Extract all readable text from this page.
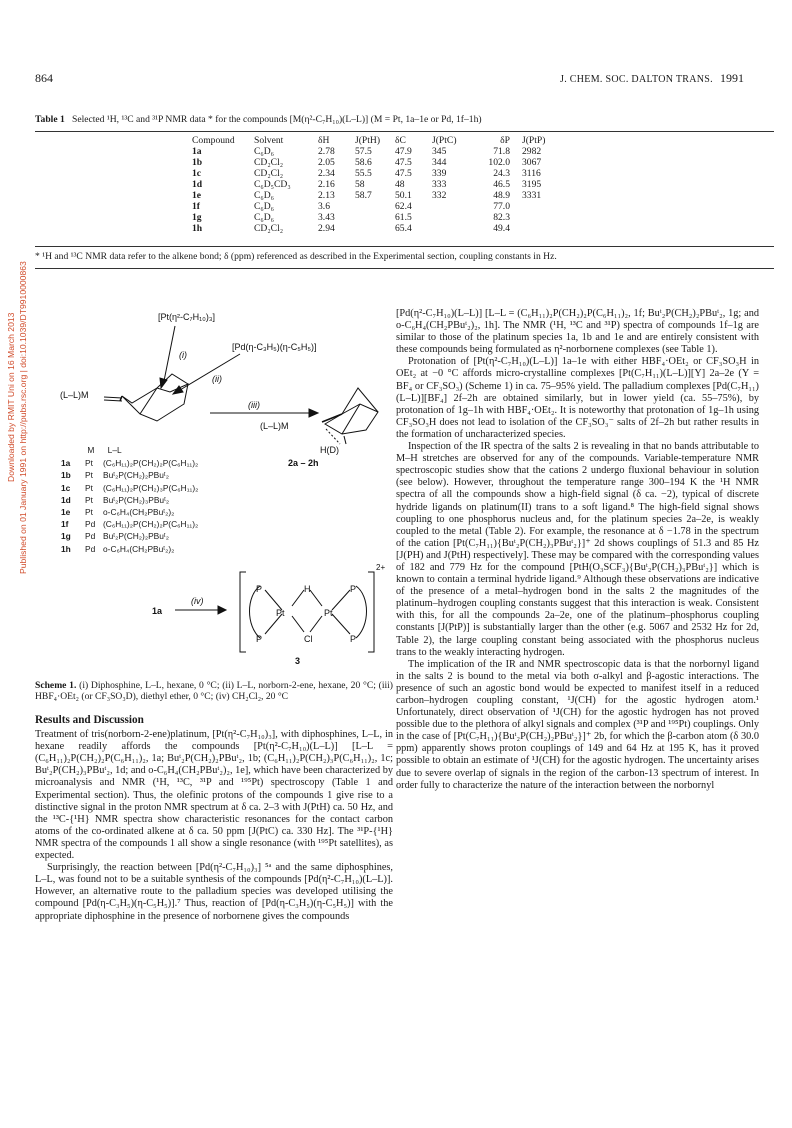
864	J. CHEM. SOC. DALTON TRANS. 1991
Table 1 Selected ¹H, ¹³C and ³¹P NMR data * for the compounds [M(η²-C₇H₁₀)(L–L)] (M = Pt, 1a–1e or Pd, 1f–1h)
Compound	Solvent	δH	J(PtH)	δC	J(PtC)	δP	J(PtP)
1a	C₆D₆	2.78	57.5	47.9	345	71.8	2982
1b	CD₂Cl₂	2.05	58.6	47.5	344	102.0	3067
1c	CD₂Cl₂	2.34	55.5	47.5	339	24.3	3116
1d	C₆D₅CD₃	2.16	58	48	333	46.5	3195
1e	C₆D₆	2.13	58.7	50.1	332	48.9	3331
1f	C₆D₆	3.6		62.4		77.0	
1g	C₆D₆	3.43		61.5		82.3	
1h	CD₂Cl₂	2.94		65.4		49.4	
* ¹H and ¹³C NMR data refer to the alkene bond; δ (ppm) referenced as described in the Experimental section, coupling constants in Hz.
Downloaded by RMIT Uni on 16 March 2013 Published on 01 January 1991 on http://pubs.rsc.org | doi:10.1039/DT9910000863	[Pt(η²-C₇H₁₀)₃]
[Pd(η-C₃H₅)(η-C₅H₅)]
(i)
(ii)
(iii)
(L–L)M
(L–L)M
H(D)
2a – 2h
1a
(iv)
2+
3
P
P
Pt
H
Cl
Pt
P
P
M L–L
1a Pt (C₆H₁₁)₂P(CH₂)₂P(C₆H₁₁)₂
1b Pt Buᵗ₂P(CH₂)₂PBuᵗ₂
1c Pt (C₆H₁₁)₂P(CH₂)₃P(C₆H₁₁)₂
1d Pt Buᵗ₂P(CH₂)₃PBuᵗ₂
1e Pt o-C₆H₄(CH₂PBuᵗ₂)₂
1f Pd (C₆H₁₁)₂P(CH₂)₂P(C₆H₁₁)₂
1g Pd Buᵗ₂P(CH₂)₂PBuᵗ₂
1h Pd o-C₆H₄(CH₂PBuᵗ₂)₂
Scheme 1. (i) Diphosphine, L–L, hexane, 0 °C; (ii) L–L, norborn-2-ene, hexane, 20 °C; (iii) HBF₄·OEt₂ (or CF₃SO₃D), diethyl ether, 0 °C; (iv) CH₂Cl₂, 20 °C
Results and Discussion

Treatment of tris(norborn-2-ene)platinum, [Pt(η²-C₇H₁₀)₃], with diphosphines, L–L, in hexane readily affords the compounds [Pt(η²-C₇H₁₀)(L–L)] [L–L = (C₆H₁₁)₂P(CH₂)₂P(C₆H₁₁)₂, 1a; Buᵗ₂P(CH₂)₂PBuᵗ₂, 1b; (C₆H₁₁)₂P(CH₂)₃P(C₆H₁₁)₂, 1c; Buᵗ₂P(CH₂)₃PBuᵗ₂, 1d; and o-C₆H₄(CH₂PBuᵗ₂)₂, 1e], which have been characterized by microanalysis and NMR (¹H, ¹³C, ³¹P and ¹⁹⁵Pt) spectroscopy (Table 1 and Experimental section). Thus, the olefinic protons of the compounds 1 give rise to a distinctive signal in the proton NMR spectrum at δ ca. 2–3 with J(PtH) ca. 50 Hz, and the ¹³C-{¹H} NMR spectra show characteristic resonances for the contact carbon atoms of the co-ordinated alkene at δ ca. 50 ppm [J(PtC) ca. 330 Hz]. The ³¹P-{¹H} NMR spectra of the compounds 1 all show a single resonance (with ¹⁹⁵Pt satellites), as expected.

Surprisingly, the reaction between [Pd(η²-C₇H₁₀)₃] ⁵ᵃ and the same diphosphines, L–L, was found not to be a suitable synthesis of the compounds [Pd(η²-C₇H₁₀)(L–L)]. However, an alternative route to the palladium species was developed utilising the compound [Pd(η-C₃H₅)(η-C₅H₅)].⁷ Thus, reaction of [Pd(η-C₃H₅)(η-C₅H₅)] with the appropriate diphosphine in the presence of norbornene gives the compounds

[Pd(η²-C₇H₁₀)(L–L)] [L–L = (C₆H₁₁)₂P(CH₂)₂P(C₆H₁₁)₂, 1f; Buᵗ₂P(CH₂)₂PBuᵗ₂, 1g; and o-C₆H₄(CH₂PBuᵗ₂)₂, 1h]. The NMR (¹H, ¹³C and ³¹P) spectra of compounds 1f–1g are similar to those of the platinum species 1a, 1b and 1e and are entirely consistent with these compounds being formulated as η²-norbornene complexes (see Table 1).

Protonation of [Pt(η²-C₇H₁₀)(L–L)] 1a–1e with either HBF₄·OEt₂ or CF₃SO₃H in OEt₂ at −0 °C affords micro-crystalline complexes [Pt(C₇H₁₁)(L–L)][Y] 2a–2e (Y = BF₄ or CF₃SO₃) (Scheme 1) in ca. 75–95% yield. The palladium complexes [Pd(C₇H₁₁)(L–L)][BF₄] 2f–2h are obtained similarly, but in lower yield (ca. 55–75%), by protonation of 1g–1h with HBF₄·OEt₂. It is noteworthy that protonation of 1g–1h using CF₃SO₃H does not lead to isolation of the CF₃SO₃⁻ salts of 2f–2h but rather results in the formation of uncharacterized species.

Inspection of the IR spectra of the salts 2 is revealing in that no bands attributable to M–H stretches are observed for any of the compounds. Variable-temperature NMR spectroscopic studies show that the cations 2 undergo fluxional behaviour in solution (see below). However, throughout the temperature range 300–194 K the ¹H NMR spectra of all the compounds show a high-field signal (δ ca. −2), typical of discrete hydride ligands on platinum(II) trans to a soft ligand.⁸ The high-field signal shows coupling to one phosphorus nucleus and, for the platinum species 2a–2e, is weakly coupled to the metal (Table 2). For example, the resonance at δ −1.78 in the spectrum of the cation [Pt(C₇H₁₁){Buᵗ₂P(CH₂)₃PBuᵗ₂}]⁺ 2d shows couplings of 51.3 and 85 Hz [J(PH) and J(PtH) respectively]. These may be compared with the corresponding values of 182 and 779 Hz for the compound [PtH(O₃SCF₃){Buᵗ₂P(CH₂)₃PBuᵗ₂}] which is known to contain a terminal hydride ligand.⁹ Although these observations are indicative of the presence of a metal–hydrogen bond in the salts 2 the magnitudes of the platinum–hydrogen coupling constants suggest that this interaction is weak. Consistent with this, for all the compounds 2a–2e, one of the platinum–phosphorus coupling constants [J(PtP)] is substantially larger than the other (e.g. 5067 and 2532 Hz for 2d, Table 2), the large coupling constant being associated with the phosphorus nucleus trans to the weakly interacting hydrogen.

The implication of the IR and NMR spectroscopic data is that the norbornyl ligand in the salts 2 is bound to the metal via both σ-alkyl and β-agostic interactions. The presence of such an agostic bond would be expected to manifest itself in a reduced carbon–hydrogen coupling constant, ¹J(CH) for the agostic hydrogen atom.¹ Unfortunately, direct observation of ¹J(CH) for the agostic hydrogen has not proved possible due to the plethora of alkyl signals and complex (³¹P and ¹⁹⁵Pt) couplings. Only in the case of [Pt(C₇H₁₁){Buᵗ₂P(CH₂)₂PBuᵗ₂}]⁺ 2b, for which the β-carbon atom (δ 30.0 ppm) apparently shows proton couplings of 149 and 64 Hz at 195 K, has it proved possible to obtain an estimate of ¹J(CH) for the agostic hydrogen. The uncertainty arises due to severe overlap of signals in the region of the carbon-13 spectrum of interest. In order fully to characterize the nature of the interaction between the norbornyl
